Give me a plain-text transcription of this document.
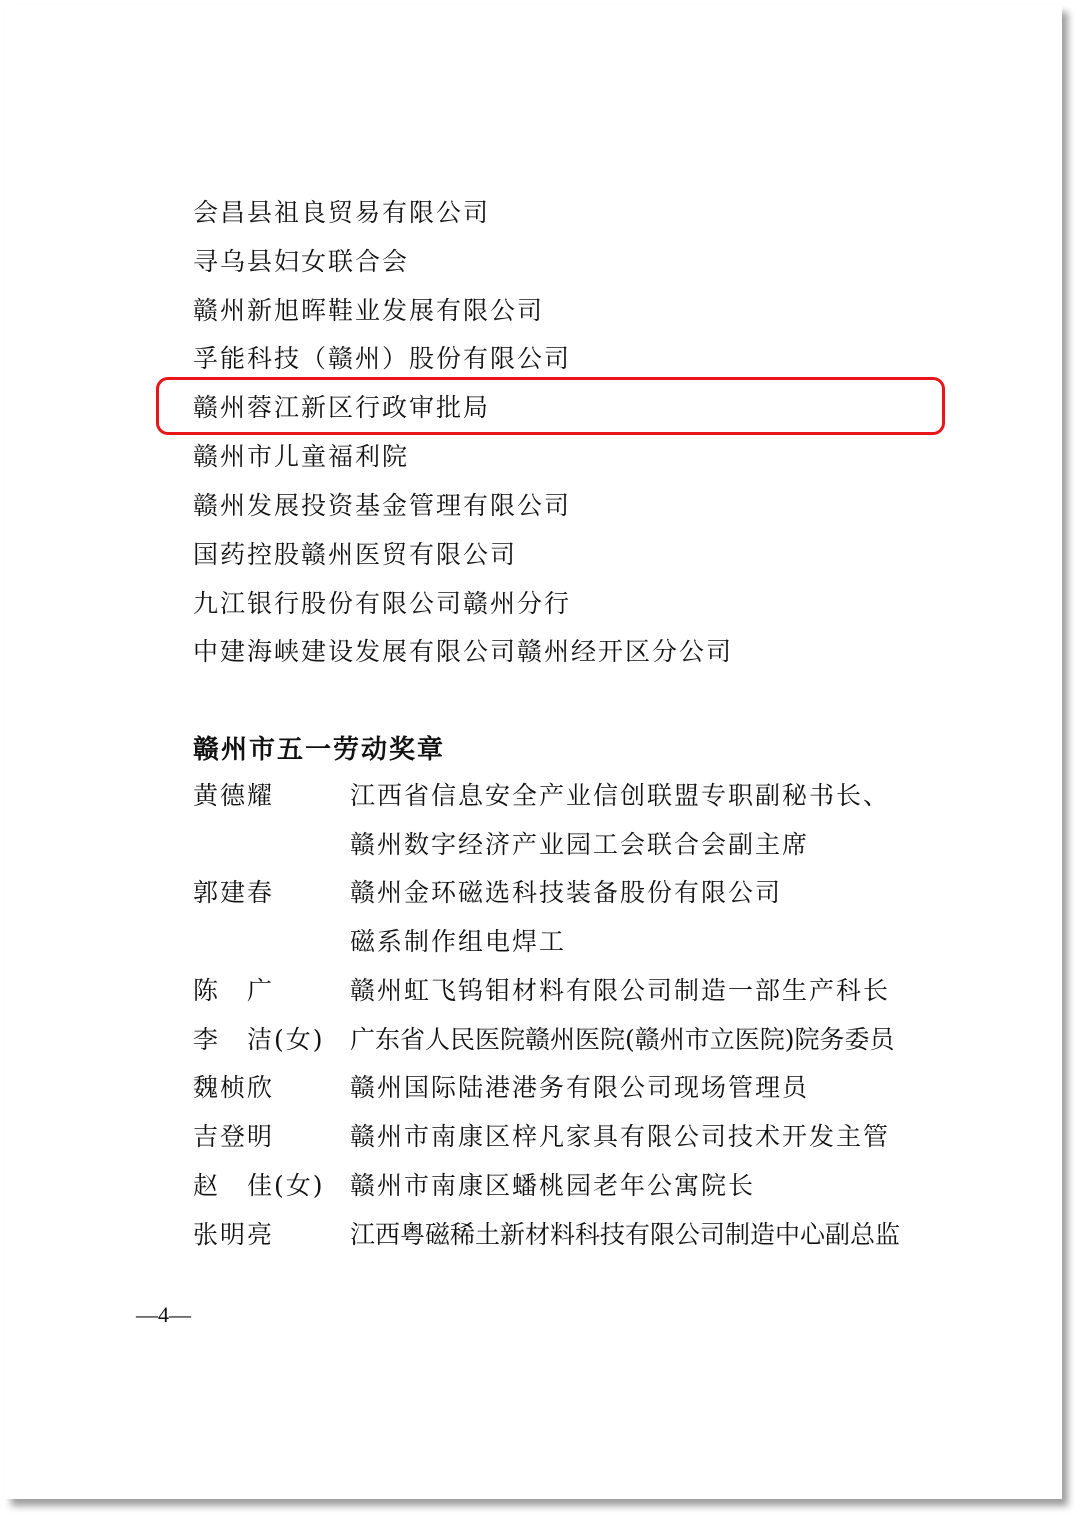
会昌县祖良贸易有限公司
寻乌县妇女联合会
赣州新旭晖鞋业发展有限公司
孚能科技（赣州）股份有限公司
赣州蓉江新区行政审批局
赣州市儿童福利院
赣州发展投资基金管理有限公司
国药控股赣州医贸有限公司
九江银行股份有限公司赣州分行
中建海峡建设发展有限公司赣州经开区分公司
赣州市五一劳动奖章
黄德耀	江西省信息安全产业信创联盟专职副秘书长、
赣州数字经济产业园工会联合会副主席
郭建春	赣州金环磁选科技装备股份有限公司
磁系制作组电焊工
陈　广	赣州虹飞钨钼材料有限公司制造一部生产科长
李　洁(女) 广东省人民医院赣州医院(赣州市立医院)院务委员
魏桢欣	赣州国际陆港港务有限公司现场管理员
吉登明	赣州市南康区梓凡家具有限公司技术开发主管
赵　佳(女) 赣州市南康区蟠桃园老年公寓院长
张明亮	江西粤磁稀土新材料科技有限公司制造中心副总监
—4—
